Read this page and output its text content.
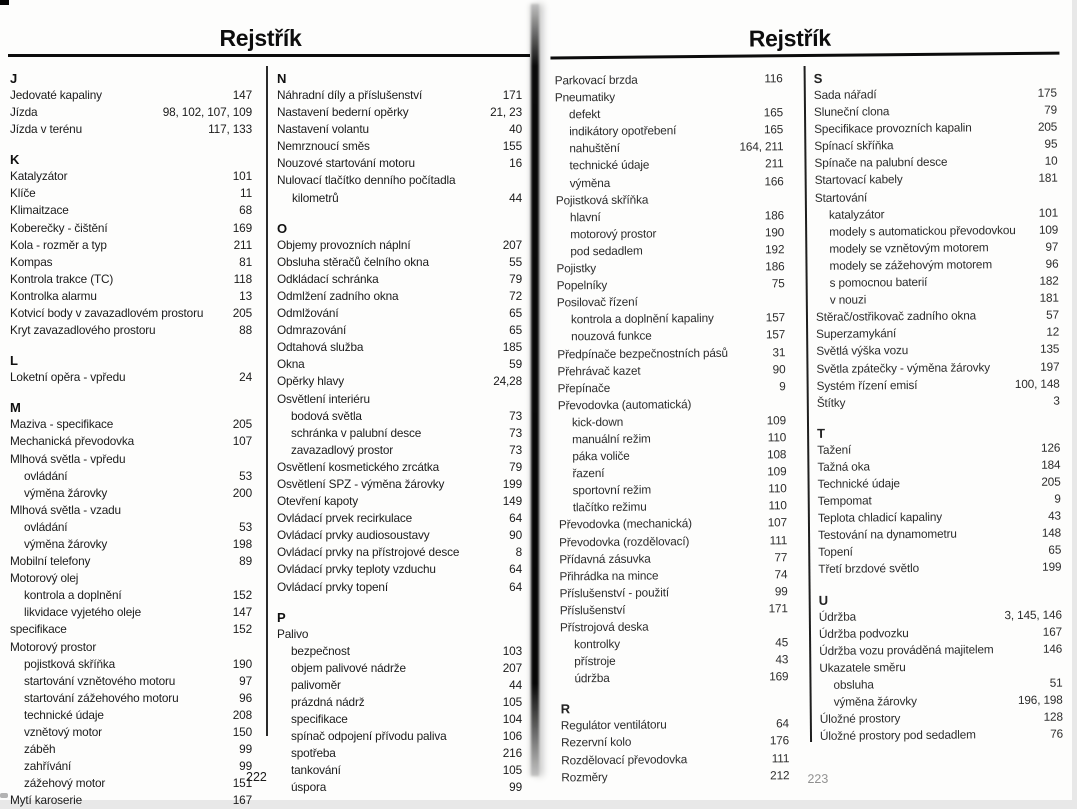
Rejstřík
J
Jedovaté kapaliny	147
Jízda	98, 102, 107, 109
Jízda v terénu	117, 133
K
Katalyzátor	101
Klíče	11
Klimaitzace	68
Koberečky - čištění	169
Kola - rozměr a typ	211
Kompas	81
Kontrola trakce (TC)	118
Kontrolka alarmu	13
Kotvicí body v zavazadlovém prostoru	205
Kryt zavazadlového prostoru	88
L
Loketní opěra - vpředu	24
M
Maziva - specifikace	205
Mechanická převodovka	107
Mlhová světla - vpředu
ovládání	53
výměna žárovky	200
Mlhová světla - vzadu
ovládání	53
výměna žárovky	198
Mobilní telefony	89
Motorový olej
kontrola a doplnění	152
likvidace vyjetého oleje	147
specifikace	152
Motorový prostor
pojistková skříňka	190
startování vznětového motoru	97
startování zážehového motoru	96
technické údaje	208
vznětový motor	150
záběh	99
zahřívání	99
zážehový motor	151
Mytí karoserie	167
N
Náhradní díly a příslušenství	171
Nastavení bederní opěrky	21, 23
Nastavení volantu	40
Nemrznoucí směs	155
Nouzové startování motoru	16
Nulovací tlačítko denního počítadla kilometrů	44
O
Objemy provozních náplní	207
Obsluha stěračů čelního okna	55
Odkládací schránka	79
Odmlžení zadního okna	72
Odmlžování	65
Odmrazování	65
Odtahová služba	185
Okna	59
Opěrky hlavy	24,28
Osvětlení interiéru
bodová světla	73
schránka v palubní desce	73
zavazadlový prostor	73
Osvětlení kosmetického zrcátka	79
Osvětlení SPZ - výměna žárovky	199
Otevření kapoty	149
Ovládací prvek recirkulace	64
Ovládací prvky audiosoustavy	90
Ovládací prvky na přístrojové desce	8
Ovládací prvky teploty vzduchu	64
Ovládací prvky topení	64
P
Palivo
bezpečnost	103
objem palivové nádrže	207
palivoměr	44
prázdná nádrž	105
specifikace	104
spínač odpojení přívodu paliva	106
spotřeba	216
tankování	105
úspora	99
222
Rejstřík
Parkovací brzda	116
Pneumatiky
defekt	165
indikátory opotřebení	165
nahuštění	164, 211
technické údaje	211
výměna	166
Pojistková skříňka
hlavní	186
motorový prostor	190
pod sedadlem	192
Pojistky	186
Popelníky	75
Posilovač řízení
kontrola a doplnění kapaliny	157
nouzová funkce	157
Předpínače bezpečnostních pásů	31
Přehrávač kazet	90
Přepínače	9
Převodovka (automatická)
kick-down	109
manuální režim	110
páka voliče	108
řazení	109
sportovní režim	110
tlačítko režimu	110
Převodovka (mechanická)	107
Převodovka (rozdělovací)	111
Přídavná zásuvka	77
Přihrádka na mince	74
Příslušenství - použití	99
Příslušenství	171
Přístrojová deska
kontrolky	45
přístroje	43
údržba	169
R
Regulátor ventilátoru	64
Rezervní kolo	176
Rozdělovací převodovka	111
Rozměry	212
S
Sada nářadí	175
Sluneční clona	79
Specifikace provozních kapalin	205
Spínací skříňka	95
Spínače na palubní desce	10
Startovací kabely	181
Startování
katalyzátor	101
modely s automatickou převodovkou	109
modely se vznětovým motorem	97
modely se zážehovým motorem	96
s pomocnou baterií	182
v nouzi	181
Stěrač/ostřikovač zadního okna	57
Superzamykání	12
Světlá výška vozu	135
Světla zpátečky - výměna žárovky	197
Systém řízení emisí	100, 148
Štítky	3
T
Tažení	126
Tažná oka	184
Technické údaje	205
Tempomat	9
Teplota chladicí kapaliny	43
Testování na dynamometru	148
Topení	65
Třetí brzdové světlo	199
U
Údržba	3, 145, 146
Údržba podvozku	167
Údržba vozu prováděná majitelem	146
Ukazatele směru
obsluha	51
výměna žárovky	196, 198
Úložné prostory	128
Úložné prostory pod sedadlem	76
223
